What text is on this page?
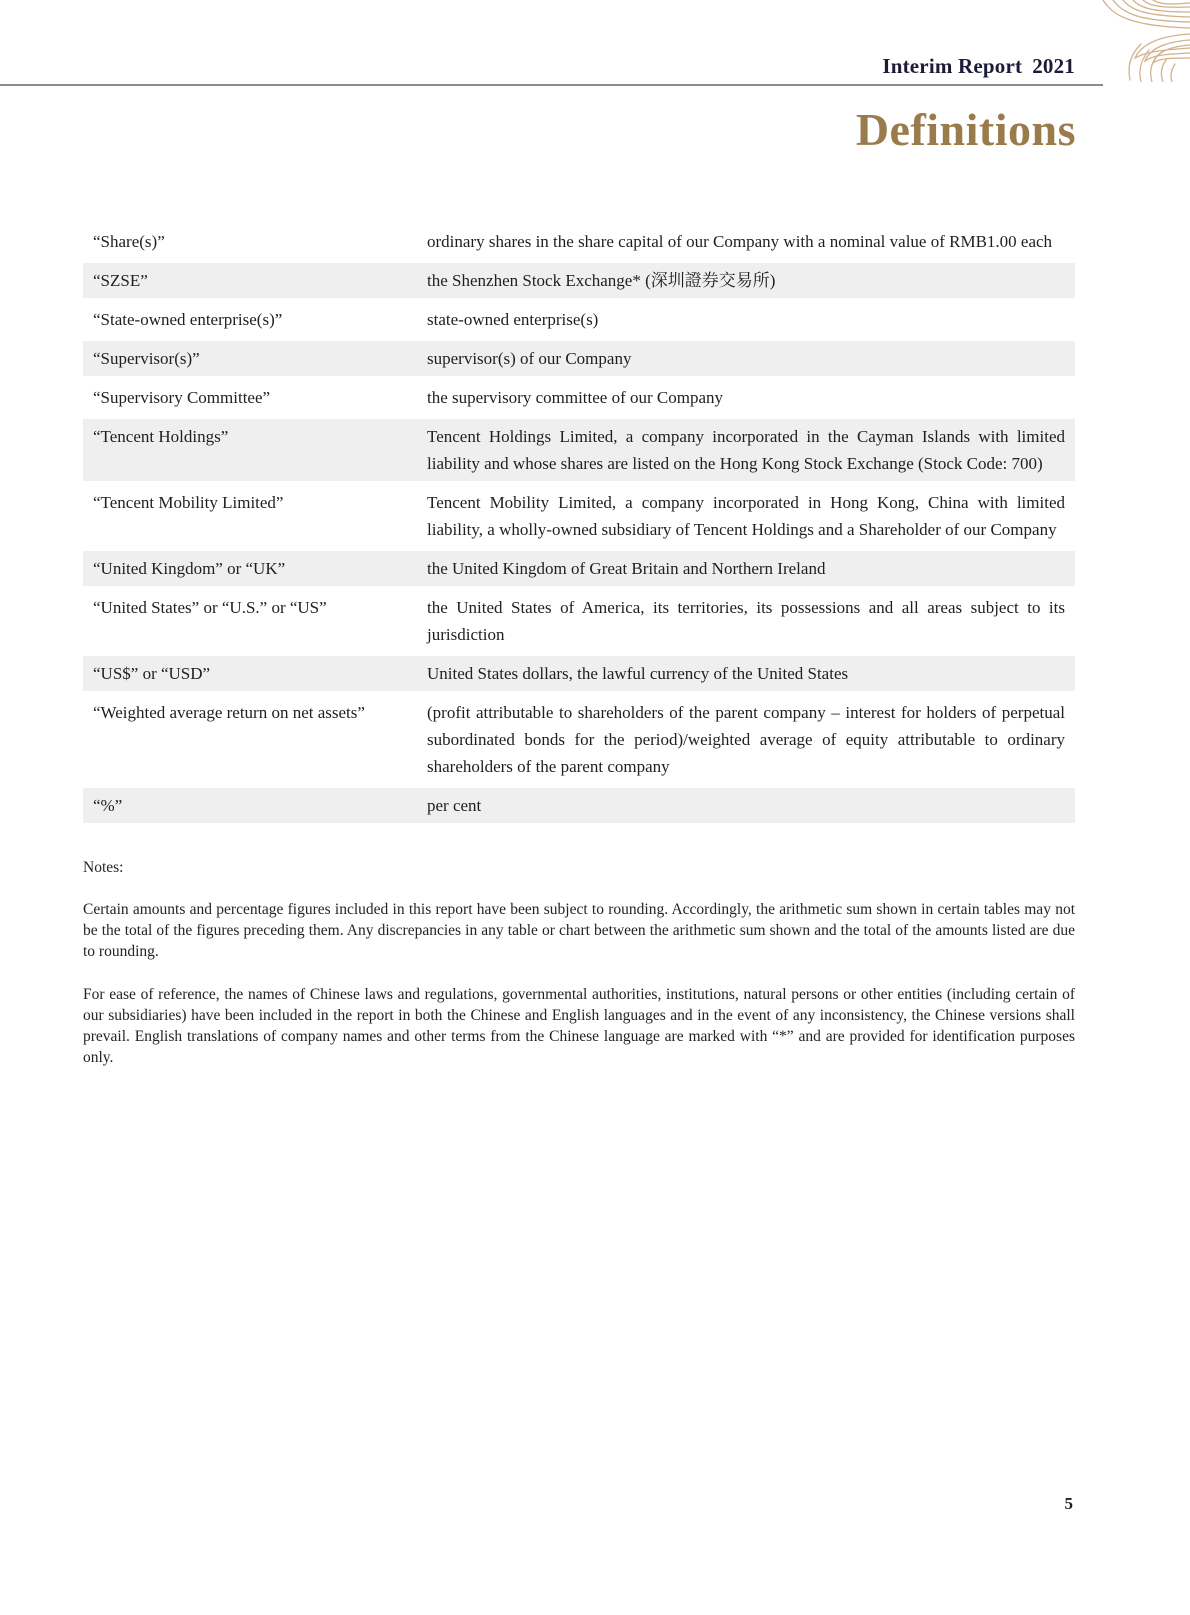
Interim Report 2021
Definitions
“Share(s)”	ordinary shares in the share capital of our Company with a nominal value of RMB1.00 each
“SZSE”	the Shenzhen Stock Exchange* (深圳證券交易所)
“State-owned enterprise(s)”	state-owned enterprise(s)
“Supervisor(s)”	supervisor(s) of our Company
“Supervisory Committee”	the supervisory committee of our Company
“Tencent Holdings”	Tencent Holdings Limited, a company incorporated in the Cayman Islands with limited liability and whose shares are listed on the Hong Kong Stock Exchange (Stock Code: 700)
“Tencent Mobility Limited”	Tencent Mobility Limited, a company incorporated in Hong Kong, China with limited liability, a wholly-owned subsidiary of Tencent Holdings and a Shareholder of our Company
“United Kingdom” or “UK”	the United Kingdom of Great Britain and Northern Ireland
“United States” or “U.S.” or “US”	the United States of America, its territories, its possessions and all areas subject to its jurisdiction
“US$” or “USD”	United States dollars, the lawful currency of the United States
“Weighted average return on net assets”	(profit attributable to shareholders of the parent company – interest for holders of perpetual subordinated bonds for the period)/weighted average of equity attributable to ordinary shareholders of the parent company
“%”	per cent
Notes:

Certain amounts and percentage figures included in this report have been subject to rounding. Accordingly, the arithmetic sum shown in certain tables may not be the total of the figures preceding them. Any discrepancies in any table or chart between the arithmetic sum shown and the total of the amounts listed are due to rounding.

For ease of reference, the names of Chinese laws and regulations, governmental authorities, institutions, natural persons or other entities (including certain of our subsidiaries) have been included in the report in both the Chinese and English languages and in the event of any inconsistency, the Chinese versions shall prevail. English translations of company names and other terms from the Chinese language are marked with “*” and are provided for identification purposes only.

5
